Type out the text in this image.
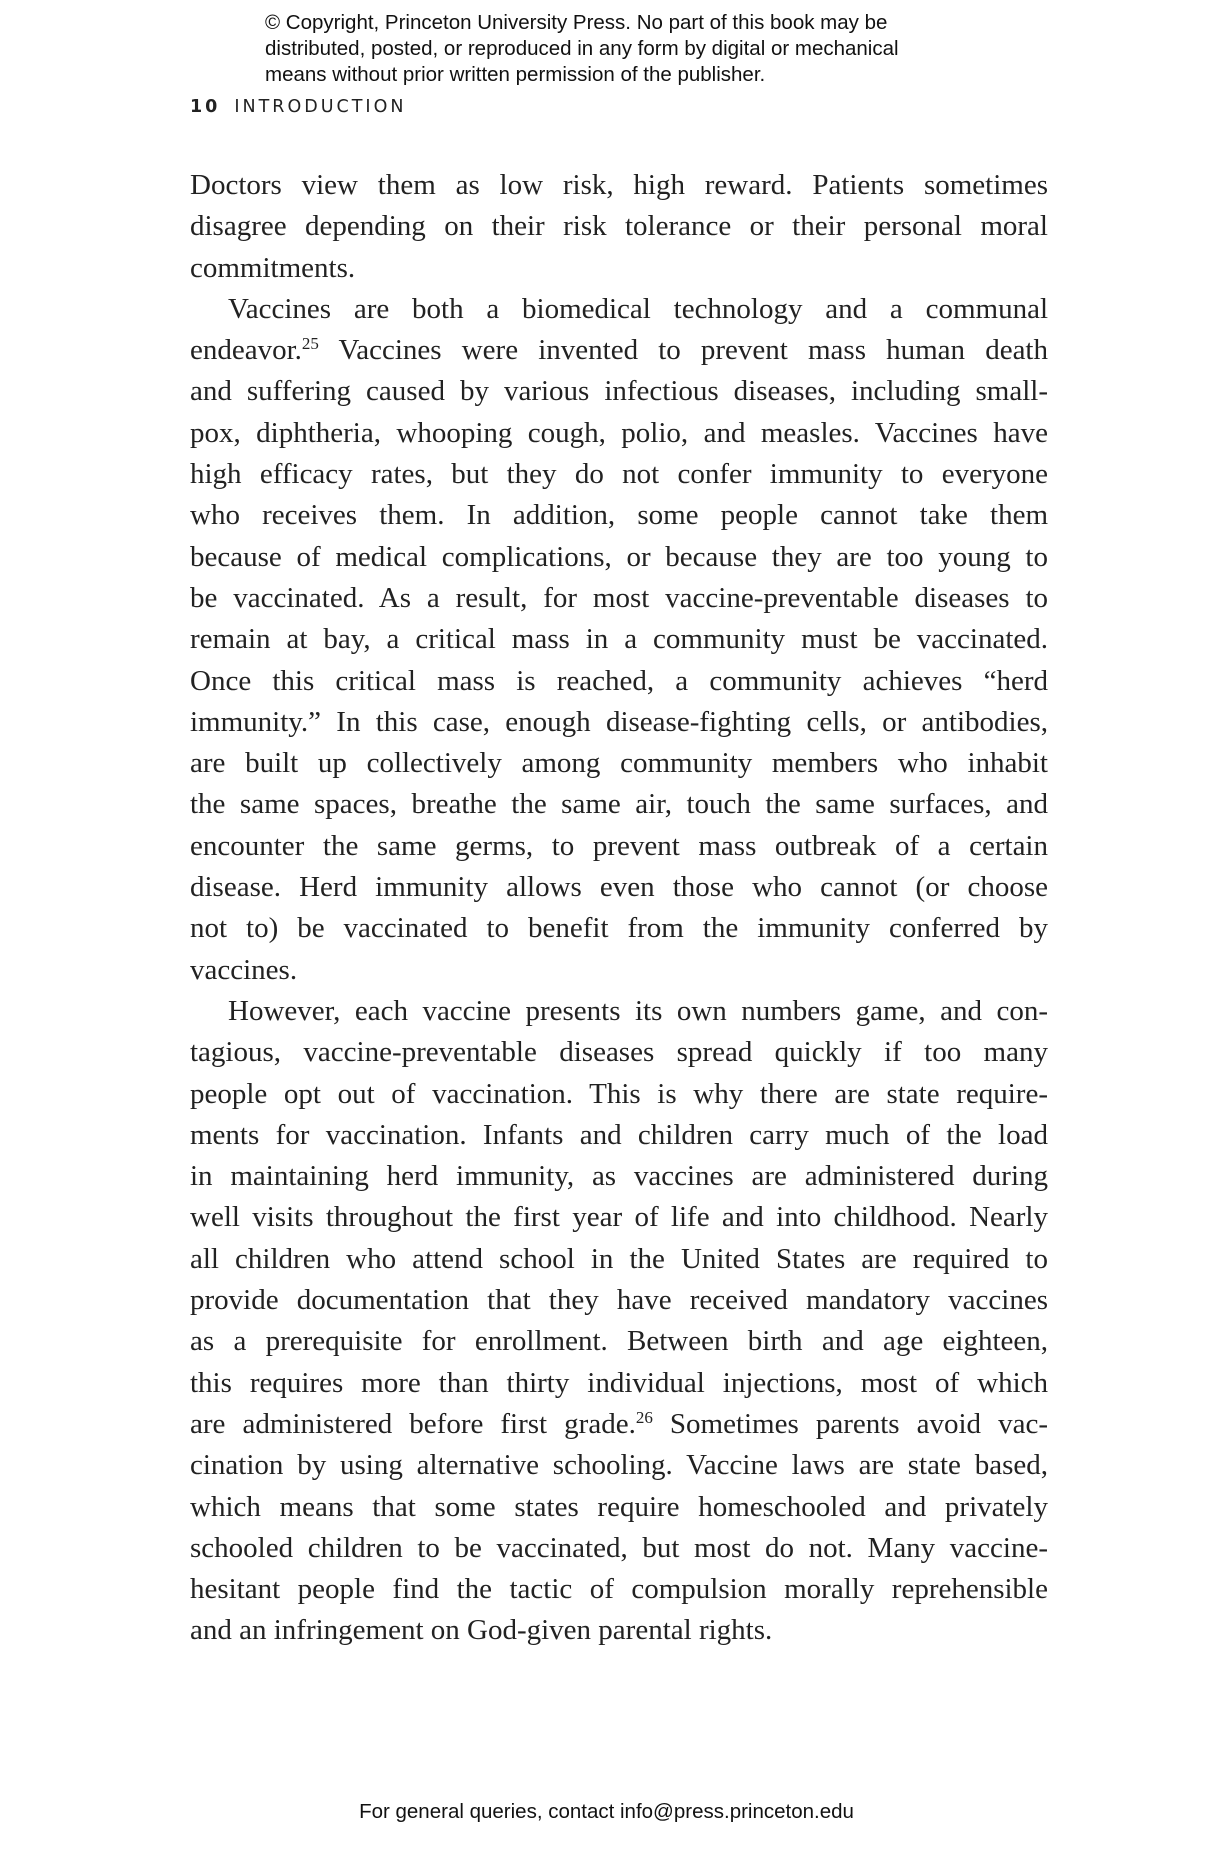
© Copyright, Princeton University Press. No part of this book may be
distributed, posted, or reproduced in any form by digital or mechanical
means without prior written permission of the publisher.
10 INTRODUCTION
Doctors view them as low risk, high reward. Patients sometimes
disagree depending on their risk tolerance or their personal moral
commitments.
Vaccines are both a biomedical technology and a communal
endeavor.$^{25}$ Vaccines were invented to prevent mass human death
and suffering caused by various infectious diseases, including small-
pox, diphtheria, whooping cough, polio, and measles. Vaccines have
high efficacy rates, but they do not confer immunity to everyone
who receives them. In addition, some people cannot take them
because of medical complications, or because they are too young to
be vaccinated. As a result, for most vaccine-preventable diseases to
remain at bay, a critical mass in a community must be vaccinated.
Once this critical mass is reached, a community achieves “herd
immunity.” In this case, enough disease-fighting cells, or antibodies,
are built up collectively among community members who inhabit
the same spaces, breathe the same air, touch the same surfaces, and
encounter the same germs, to prevent mass outbreak of a certain
disease. Herd immunity allows even those who cannot (or choose
not to) be vaccinated to benefit from the immunity conferred by
vaccines.
However, each vaccine presents its own numbers game, and con-
tagious, vaccine-preventable diseases spread quickly if too many
people opt out of vaccination. This is why there are state require-
ments for vaccination. Infants and children carry much of the load
in maintaining herd immunity, as vaccines are administered during
well visits throughout the first year of life and into childhood. Nearly
all children who attend school in the United States are required to
provide documentation that they have received mandatory vaccines
as a prerequisite for enrollment. Between birth and age eighteen,
this requires more than thirty individual injections, most of which
are administered before first grade.$^{26}$ Sometimes parents avoid vac-
cination by using alternative schooling. Vaccine laws are state based,
which means that some states require homeschooled and privately
schooled children to be vaccinated, but most do not. Many vaccine-
hesitant people find the tactic of compulsion morally reprehensible
and an infringement on God-given parental rights.
For general queries, contact info@press.princeton.edu
